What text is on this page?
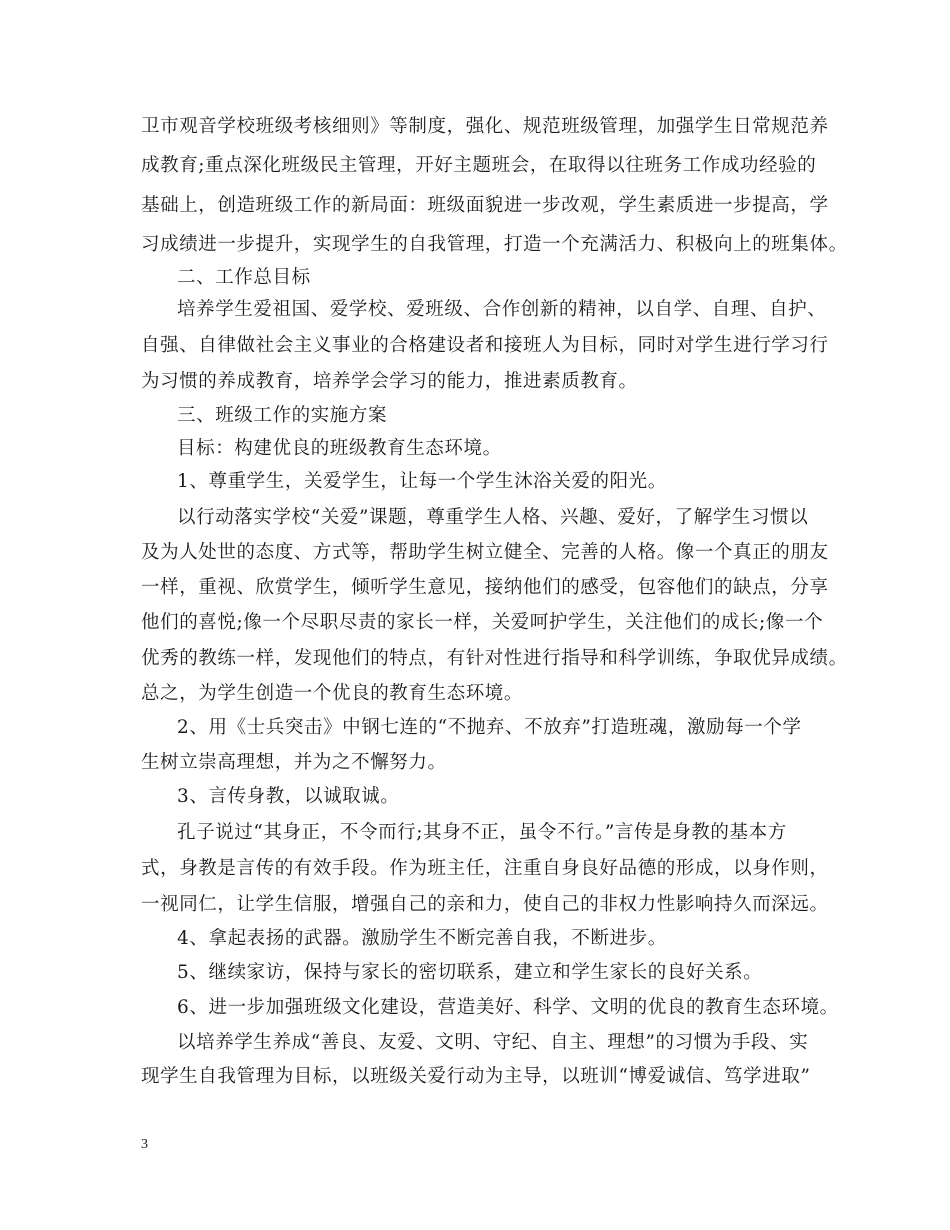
卫市观音学校班级考核细则》等制度，强化、规范班级管理，加强学生日常规范养
成教育;重点深化班级民主管理，开好主题班会，在取得以往班务工作成功经验的
基础上，创造班级工作的新局面：班级面貌进一步改观，学生素质进一步提高，学
习成绩进一步提升，实现学生的自我管理，打造一个充满活力、积极向上的班集体。
二、工作总目标
培养学生爱祖国、爱学校、爱班级、合作创新的精神，以自学、自理、自护、
自强、自律做社会主义事业的合格建设者和接班人为目标，同时对学生进行学习行
为习惯的养成教育，培养学会学习的能力，推进素质教育。
三、班级工作的实施方案
目标：构建优良的班级教育生态环境。
1、尊重学生，关爱学生，让每一个学生沐浴关爱的阳光。
以行动落实学校“关爱”课题，尊重学生人格、兴趣、爱好，了解学生习惯以
及为人处世的态度、方式等，帮助学生树立健全、完善的人格。像一个真正的朋友
一样，重视、欣赏学生，倾听学生意见，接纳他们的感受，包容他们的缺点，分享
他们的喜悦;像一个尽职尽责的家长一样，关爱呵护学生，关注他们的成长;像一个
优秀的教练一样，发现他们的特点，有针对性进行指导和科学训练，争取优异成绩。
总之，为学生创造一个优良的教育生态环境。
2、用《士兵突击》中钢七连的“不抛弃、不放弃”打造班魂，激励每一个学
生树立崇高理想，并为之不懈努力。
3、言传身教，以诚取诚。
孔子说过“其身正，不令而行;其身不正，虽令不行。”言传是身教的基本方
式，身教是言传的有效手段。作为班主任，注重自身良好品德的形成，以身作则，
一视同仁，让学生信服，增强自己的亲和力，使自己的非权力性影响持久而深远。
4、拿起表扬的武器。激励学生不断完善自我，不断进步。
5、继续家访，保持与家长的密切联系，建立和学生家长的良好关系。
6、进一步加强班级文化建设，营造美好、科学、文明的优良的教育生态环境。
以培养学生养成“善良、友爱、文明、守纪、自主、理想”的习惯为手段、实
现学生自我管理为目标，以班级关爱行动为主导，以班训“博爱诚信、笃学进取”
3
